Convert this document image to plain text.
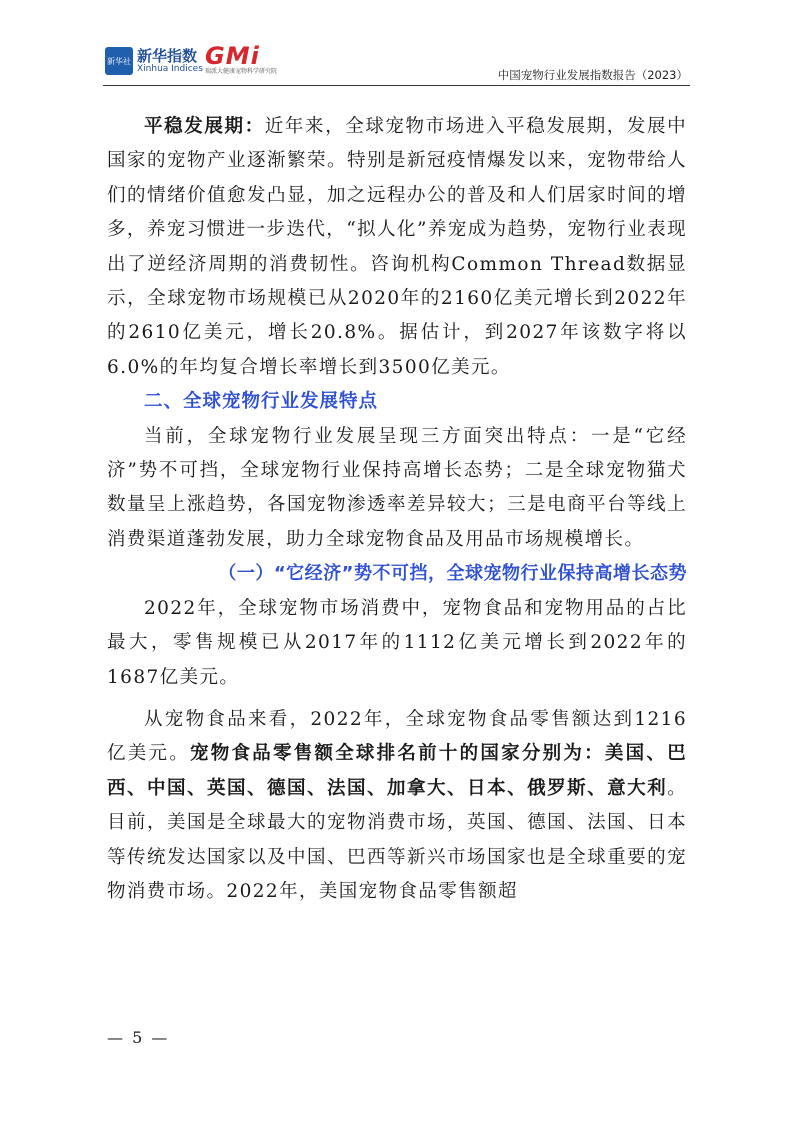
新华社 新华指数
Xinhua Indices GMi
瑞派大健康宠物科学研究院	中国宠物行业发展指数报告（2023）

平稳发展期：近年来，全球宠物市场进入平稳发展期，发展中国家的宠物产业逐渐繁荣。特别是新冠疫情爆发以来，宠物带给人们的情绪价值愈发凸显，加之远程办公的普及和人们居家时间的增多，养宠习惯进一步迭代，“拟人化”养宠成为趋势，宠物行业表现出了逆经济周期的消费韧性。咨询机构Common Thread数据显示，全球宠物市场规模已从2020年的2160亿美元增长到2022年的2610亿美元，增长20.8%。据估计，到2027年该数字将以6.0%的年均复合增长率增长到3500亿美元。

二、全球宠物行业发展特点

当前，全球宠物行业发展呈现三方面突出特点：一是“它经济”势不可挡，全球宠物行业保持高增长态势；二是全球宠物猫犬数量呈上涨趋势，各国宠物渗透率差异较大；三是电商平台等线上消费渠道蓬勃发展，助力全球宠物食品及用品市场规模增长。

（一）“它经济”势不可挡，全球宠物行业保持高增长态势

2022年，全球宠物市场消费中，宠物食品和宠物用品的占比最大，零售规模已从2017年的1112亿美元增长到2022年的1687亿美元。

从宠物食品来看，2022年，全球宠物食品零售额达到1216亿美元。宠物食品零售额全球排名前十的国家分别为：美国、巴西、中国、英国、德国、法国、加拿大、日本、俄罗斯、意大利。目前，美国是全球最大的宠物消费市场，英国、德国、法国、日本等传统发达国家以及中国、巴西等新兴市场国家也是全球重要的宠物消费市场。2022年，美国宠物食品零售额超

— 5 —
